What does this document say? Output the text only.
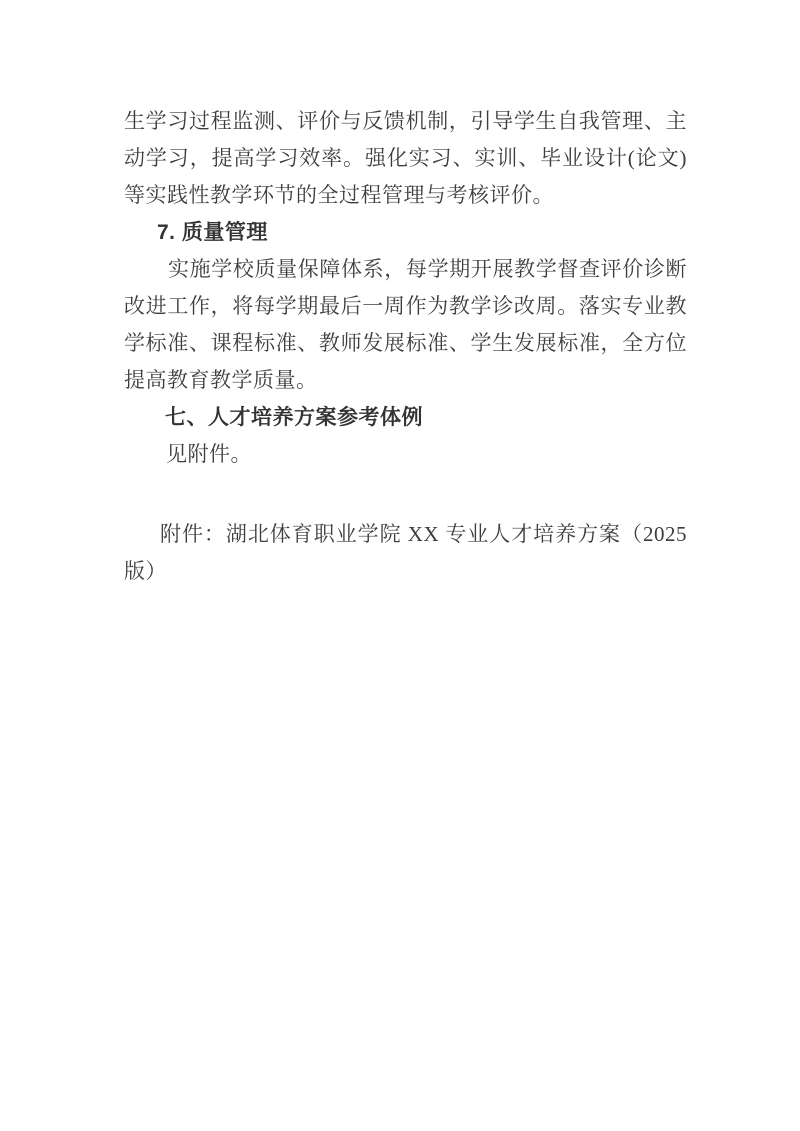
生学习过程监测、评价与反馈机制，引导学生自我管理、主
动学习，提高学习效率。强化实习、实训、毕业设计(论文)
等实践性教学环节的全过程管理与考核评价。
7. 质量管理
实施学校质量保障体系，每学期开展教学督查评价诊断
改进工作，将每学期最后一周作为教学诊改周。落实专业教
学标准、课程标准、教师发展标准、学生发展标准，全方位
提高教育教学质量。
七、人才培养方案参考体例
见附件。
附件：湖北体育职业学院 XX 专业人才培养方案（2025
版）
